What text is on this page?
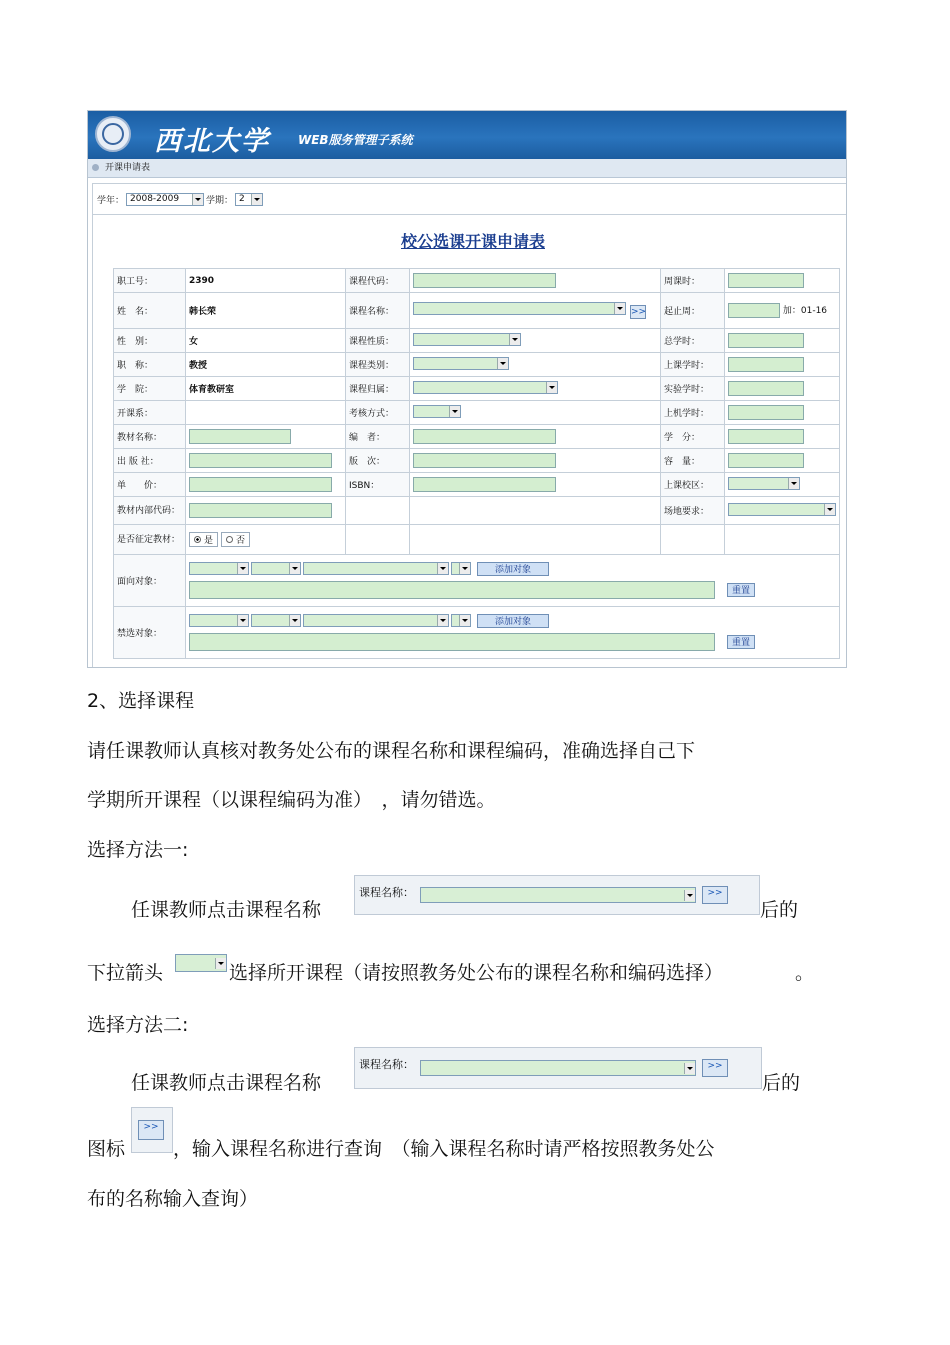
西北大学 WEB服务管理子系统
开课申请表
学年： 2008-2009	学期： 2
校公选课开课申请表
职工号：	2390	课程代码：		周课时：	
姓　名：	韩长荣	课程名称：	>>	起止周：	加：01-16
性　别：	女	课程性质：		总学时：	
职　称：	教授	课程类别：		上课学时：	
学　院：	体育教研室	课程归属：		实验学时：	
开课系：		考核方式：		上机学时：	
教材名称：		编　者：		学　分：	
出 版 社：		版　次：		容　量：	
单　　价：		ISBN：		上课校区：	

教材内部代码：				场地要求：	

是否征定教材：	是 否				

面向对象：	添加对象
重置				

禁选对象：	添加对象
重置				
2、选择课程
请任课教师认真核对教务处公布的课程名称和课程编码，准确选择自己下
学期所开课程（以课程编码为准）　，请勿错选。
选择方法一:
任课教师点击课程名称
课程名称：	>>
后的
下拉箭头	选择所开课程（请按照教务处公布的课程名称和编码选择）	。
选择方法二:
任课教师点击课程名称
课程名称：	>>
后的
图标
>>
，输入课程名称进行查询　（输入课程名称时请严格按照教务处公
布的名称输入查询）
